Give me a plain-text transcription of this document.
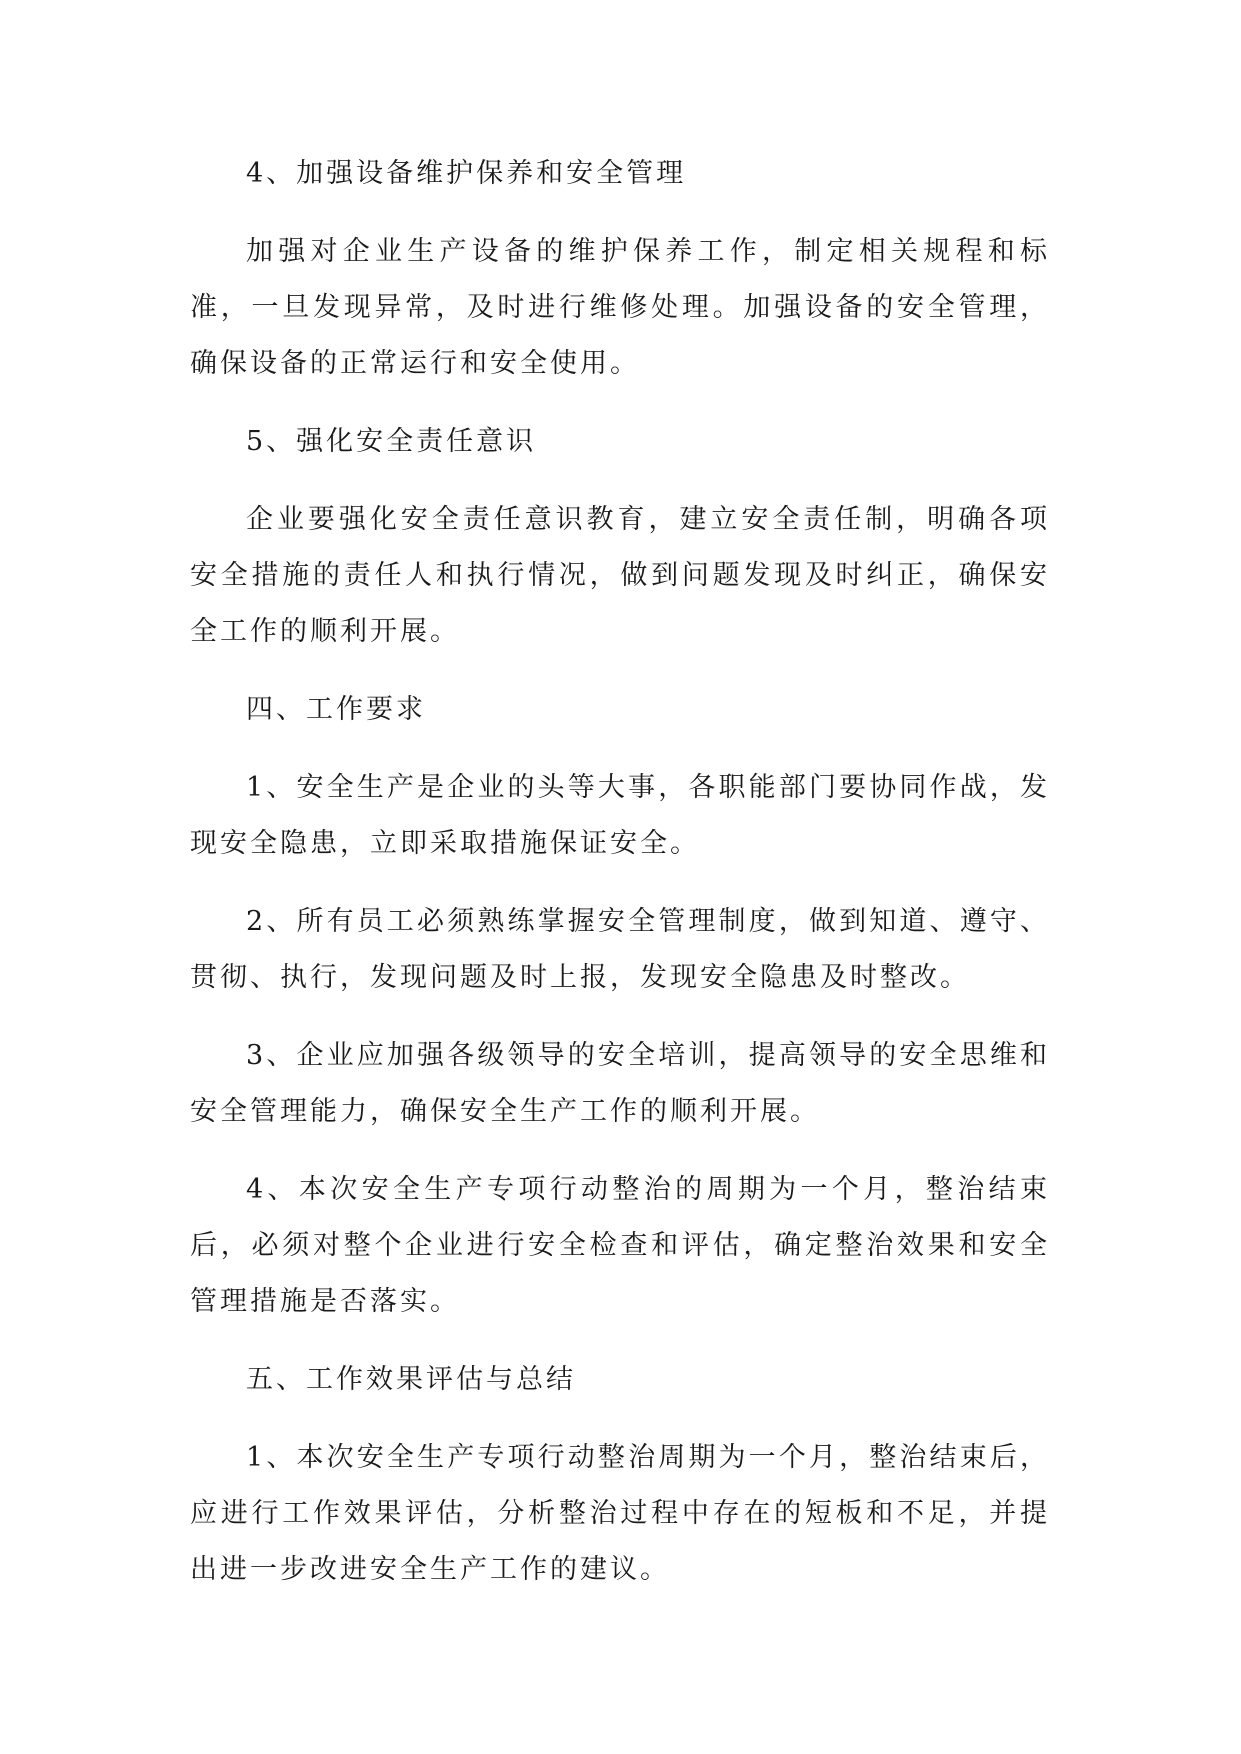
4、加强设备维护保养和安全管理

加强对企业生产设备的维护保养工作，制定相关规程和标准，一旦发现异常，及时进行维修处理。加强设备的安全管理，确保设备的正常运行和安全使用。

5、强化安全责任意识

企业要强化安全责任意识教育，建立安全责任制，明确各项安全措施的责任人和执行情况，做到问题发现及时纠正，确保安全工作的顺利开展。

四、工作要求

1、安全生产是企业的头等大事，各职能部门要协同作战，发现安全隐患，立即采取措施保证安全。

2、所有员工必须熟练掌握安全管理制度，做到知道、遵守、贯彻、执行，发现问题及时上报，发现安全隐患及时整改。

3、企业应加强各级领导的安全培训，提高领导的安全思维和安全管理能力，确保安全生产工作的顺利开展。

4、本次安全生产专项行动整治的周期为一个月，整治结束后，必须对整个企业进行安全检查和评估，确定整治效果和安全管理措施是否落实。

五、工作效果评估与总结

1、本次安全生产专项行动整治周期为一个月，整治结束后，应进行工作效果评估，分析整治过程中存在的短板和不足，并提出进一步改进安全生产工作的建议。
